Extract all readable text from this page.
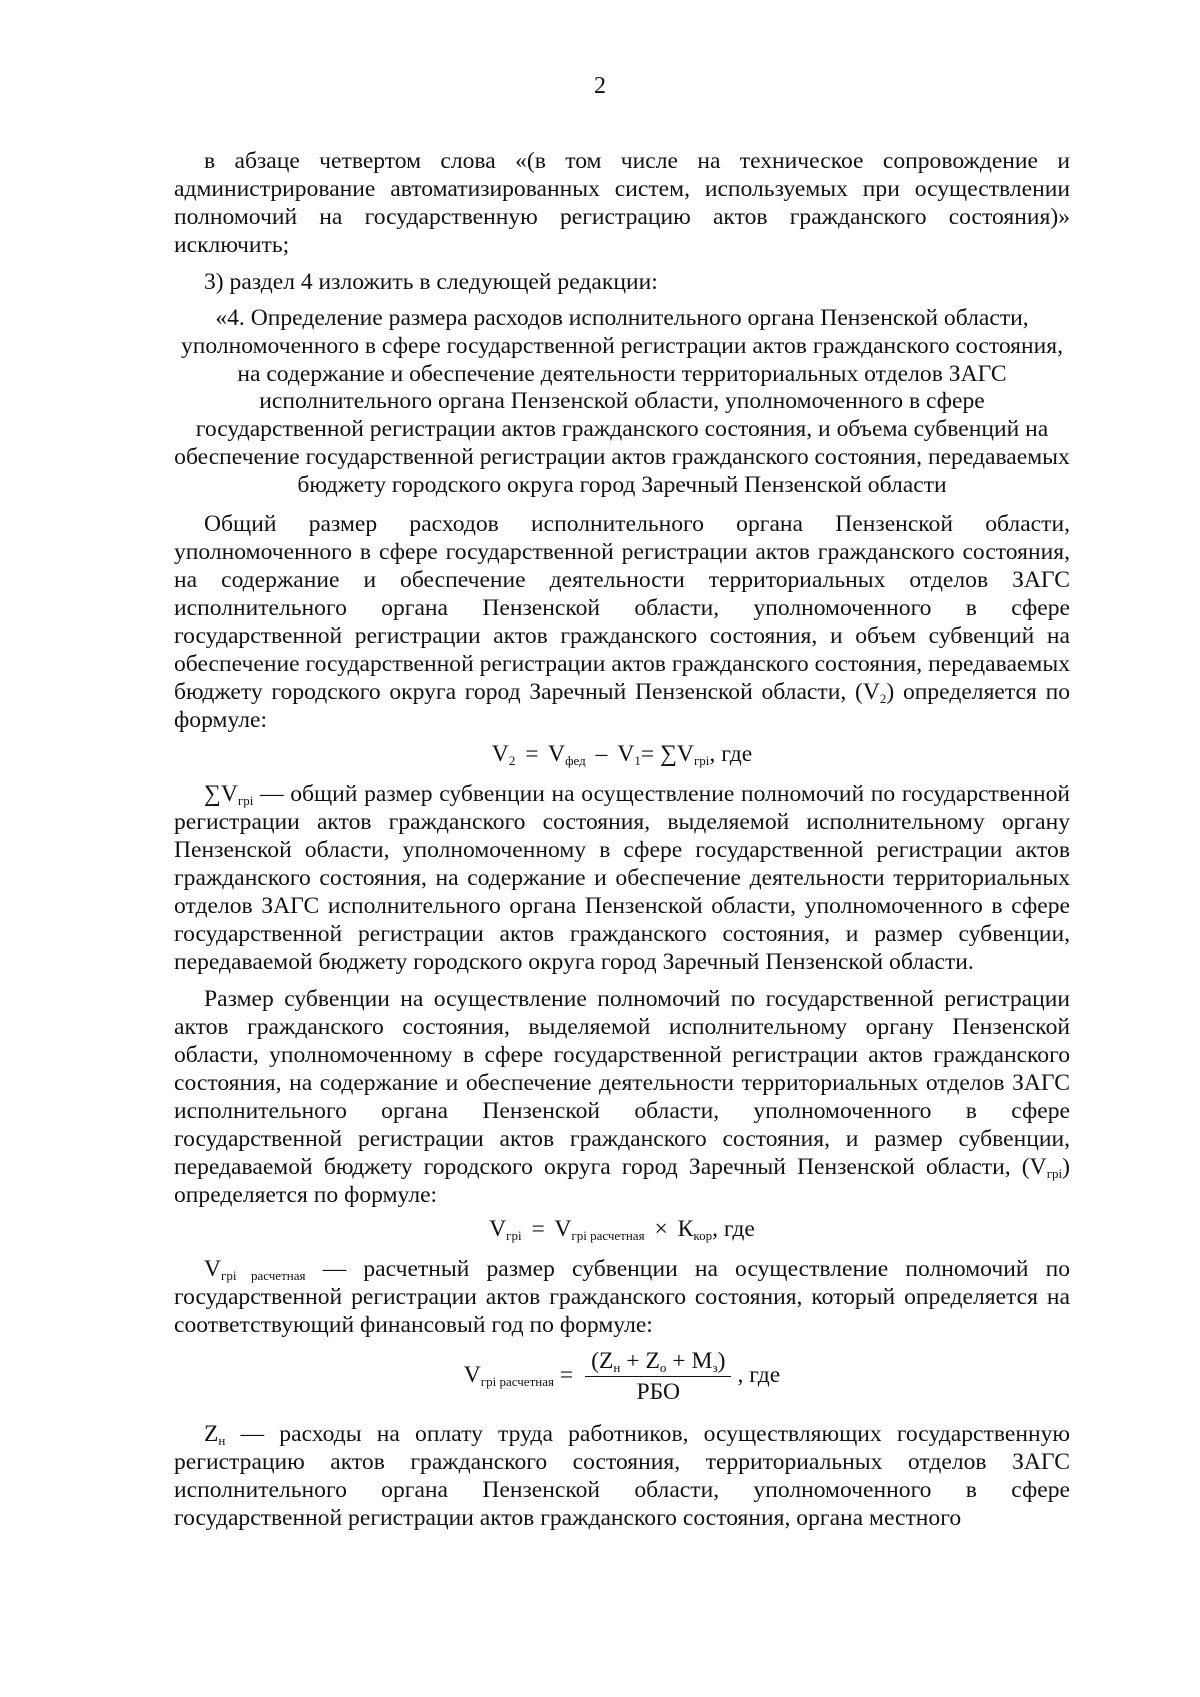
2

в абзаце четвертом слова «(в том числе на техническое сопровождение и администрирование автоматизированных систем, используемых при осуществлении полномочий на государственную регистрацию актов гражданского состояния)» исключить;

3) раздел 4 изложить в следующей редакции:

«4. Определение размера расходов исполнительного органа Пензенской области, уполномоченного в сфере государственной регистрации актов гражданского состояния, на содержание и обеспечение деятельности территориальных отделов ЗАГС исполнительного органа Пензенской области, уполномоченного в сфере государственной регистрации актов гражданского состояния, и объема субвенций на обеспечение государственной регистрации актов гражданского состояния, передаваемых бюджету городского округа город Заречный Пензенской области

Общий размер расходов исполнительного органа Пензенской области, уполномоченного в сфере государственной регистрации актов гражданского состояния, на содержание и обеспечение деятельности территориальных отделов ЗАГС исполнительного органа Пензенской области, уполномоченного в сфере государственной регистрации актов гражданского состояния, и объем субвенций на обеспечение государственной регистрации актов гражданского состояния, передаваемых бюджету городского округа город Заречный Пензенской области, $(V_2)$ определяется по формуле:

$V_2 = V_{фед} - V_1= \sum V_{грi}$, где

$\sum V_{грi}$ — общий размер субвенции на осуществление полномочий по государственной регистрации актов гражданского состояния, выделяемой исполнительному органу Пензенской области, уполномоченному в сфере государственной регистрации актов гражданского состояния, на содержание и обеспечение деятельности территориальных отделов ЗАГС исполнительного органа Пензенской области, уполномоченного в сфере государственной регистрации актов гражданского состояния, и размер субвенции, передаваемой бюджету городского округа город Заречный Пензенской области.

Размер субвенции на осуществление полномочий по государственной регистрации актов гражданского состояния, выделяемой исполнительному органу Пензенской области, уполномоченному в сфере государственной регистрации актов гражданского состояния, на содержание и обеспечение деятельности территориальных отделов ЗАГС исполнительного органа Пензенской области, уполномоченного в сфере государственной регистрации актов гражданского состояния, и размер субвенции, передаваемой бюджету городского округа город Заречный Пензенской области, $(V_{грi})$ определяется по формуле:

$V_{грi} = V_{грi расчетная} \times К_{кор}$, где

$V_{грi расчетная}$ — расчетный размер субвенции на осуществление полномочий по государственной регистрации актов гражданского состояния, который определяется на соответствующий финансовый год по формуле:

$V_{грi расчетная} = \frac{(Z_н + Z_о + M_з)}{\text{РБО}}$ , где

$Z_н$ — расходы на оплату труда работников, осуществляющих государственную регистрацию актов гражданского состояния, территориальных отделов ЗАГС исполнительного органа Пензенской области, уполномоченного в сфере государственной регистрации актов гражданского состояния, органа местного
